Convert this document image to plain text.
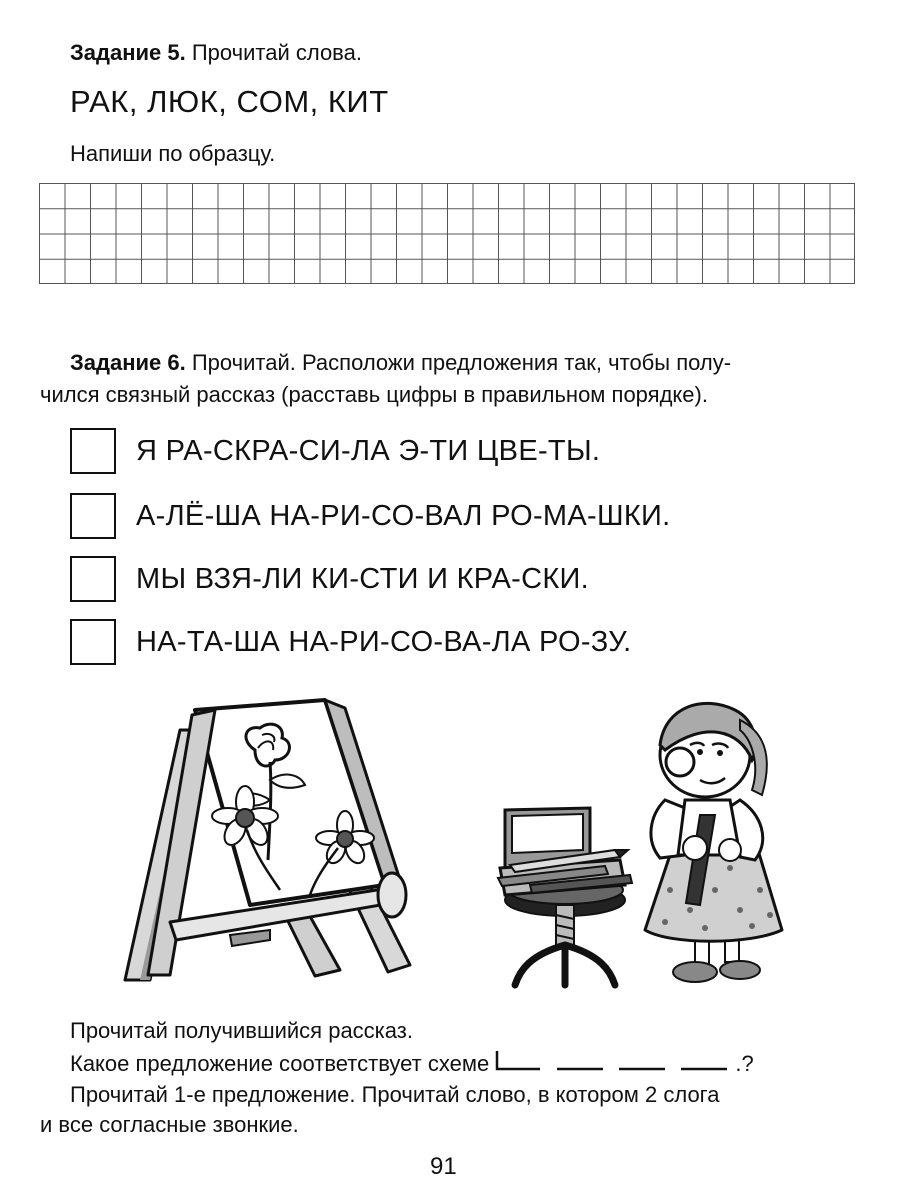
Задание 5. Прочитай слова.
РАК, ЛЮК, СОМ, КИТ
Напиши по образцу.
Задание 6. Прочитай. Расположи предложения так, чтобы полу-
чился связный рассказ (расставь цифры в правильном порядке).
Я РА-СКРА-СИ-ЛА Э-ТИ ЦВЕ-ТЫ.
А-ЛЁ-ША НА-РИ-СО-ВАЛ РО-МА-ШКИ.
МЫ ВЗЯ-ЛИ КИ-СТИ И КРА-СКИ.
НА-ТА-ША НА-РИ-СО-ВА-ЛА РО-ЗУ.
Прочитай получившийся рассказ.
Какое предложение соответствует схеме	.?
Прочитай 1-е предложение. Прочитай слово, в котором 2 слога
и все согласные звонкие.
91
